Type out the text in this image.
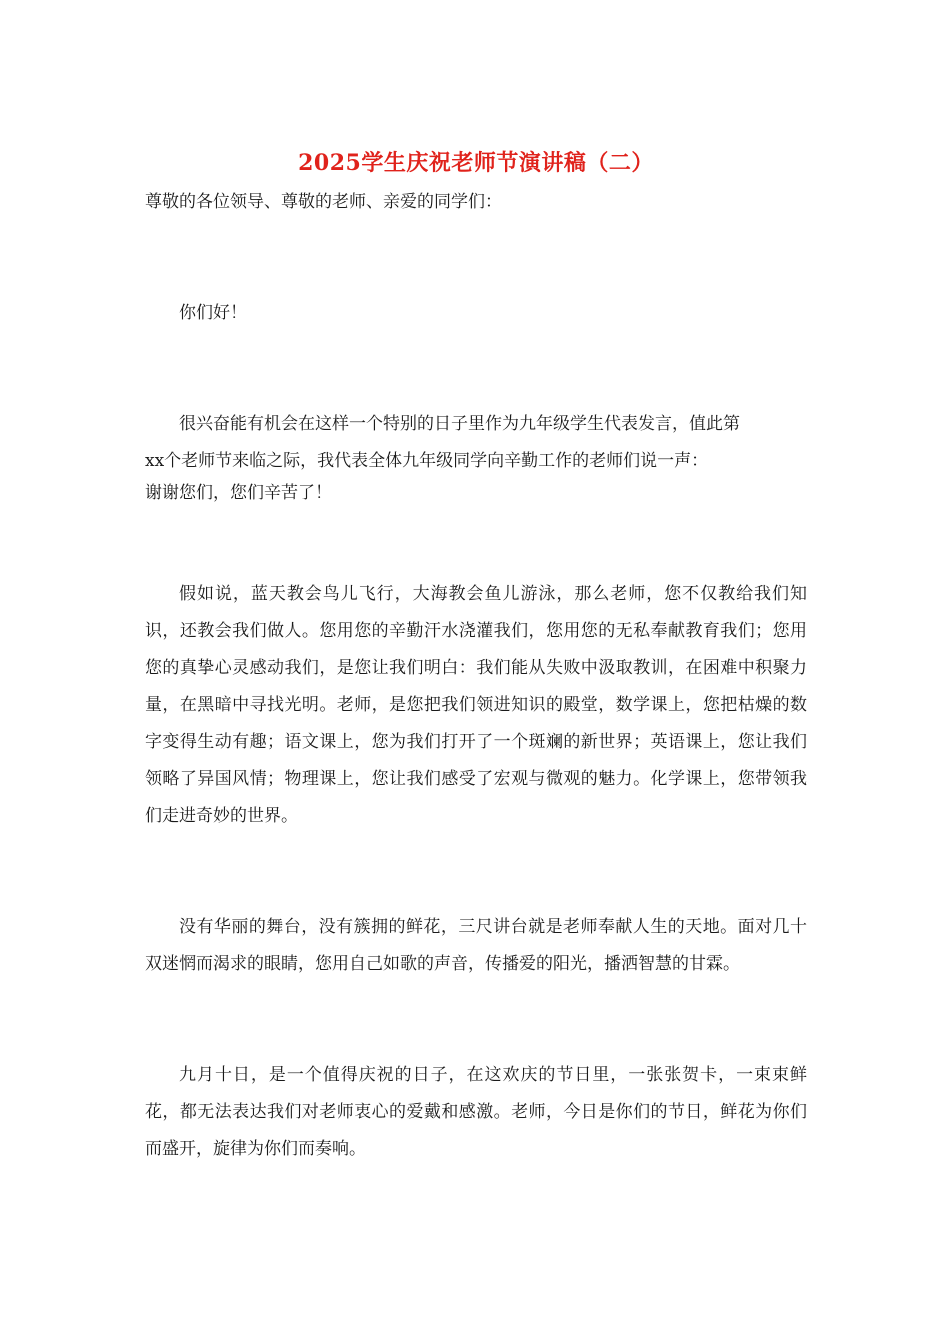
2025学生庆祝老师节演讲稿（二）

尊敬的各位领导、尊敬的老师、亲爱的同学们：

你们好！

很兴奋能有机会在这样一个特别的日子里作为九年级学生代表发言，值此第
xx个老师节来临之际，我代表全体九年级同学向辛勤工作的老师们说一声：
谢谢您们，您们辛苦了！

假如说，蓝天教会鸟儿飞行，大海教会鱼儿游泳，那么老师，您不仅教给我们知识，还教会我们做人。您用您的辛勤汗水浇灌我们，您用您的无私奉献教育我们；您用您的真挚心灵感动我们，是您让我们明白：我们能从失败中汲取教训，在困难中积聚力量，在黑暗中寻找光明。老师，是您把我们领进知识的殿堂，数学课上，您把枯燥的数字变得生动有趣；语文课上，您为我们打开了一个斑斓的新世界；英语课上，您让我们领略了异国风情；物理课上，您让我们感受了宏观与微观的魅力。化学课上，您带领我们走进奇妙的世界。

没有华丽的舞台，没有簇拥的鲜花，三尺讲台就是老师奉献人生的天地。面对几十双迷惘而渴求的眼睛，您用自己如歌的声音，传播爱的阳光，播洒智慧的甘霖。

九月十日，是一个值得庆祝的日子，在这欢庆的节日里，一张张贺卡，一束束鲜花，都无法表达我们对老师衷心的爱戴和感激。老师，今日是你们的节日，鲜花为你们而盛开，旋律为你们而奏响。
